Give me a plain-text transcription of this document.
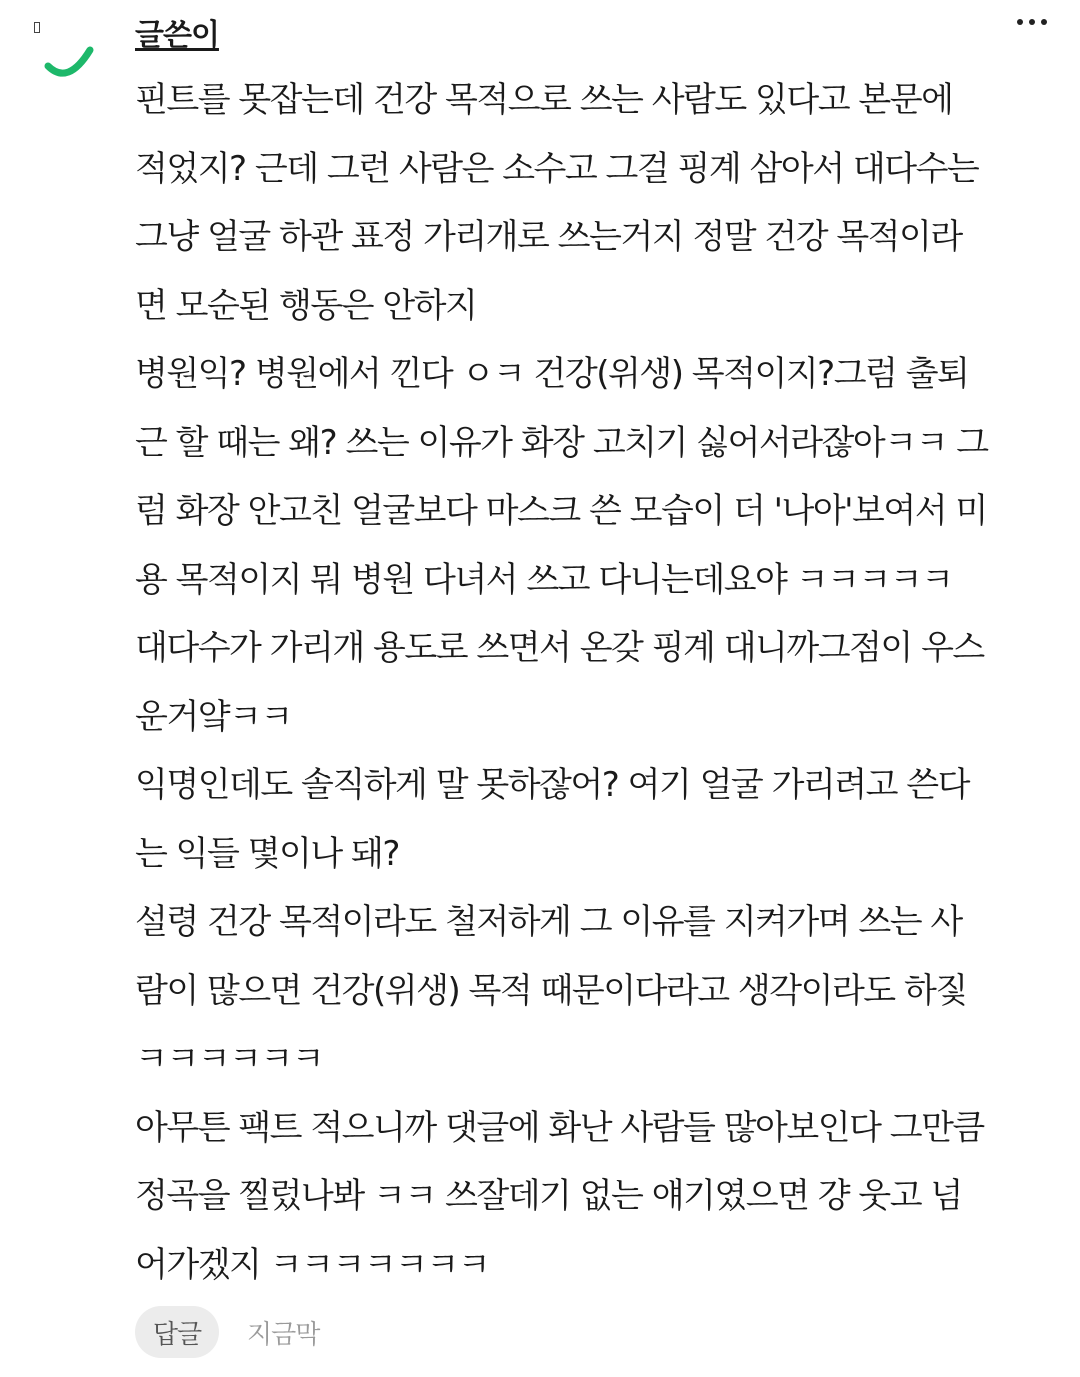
글쓴이
핀트를 못잡는데 건강 목적으로 쓰는 사람도 있다고 본문에
적었지? 근데 그런 사람은 소수고 그걸 핑계 삼아서 대다수는
그냥 얼굴 하관 표정 가리개로 쓰는거지 정말 건강 목적이라
면 모순된 행동은 안하지
병원익? 병원에서 낀다 ㅇㅋ 건강(위생) 목적이지?그럼 출퇴
근 할 때는 왜? 쓰는 이유가 화장 고치기 싫어서라잖아ㅋㅋ 그
럼 화장 안고친 얼굴보다 마스크 쓴 모습이 더 '나아'보여서 미
용 목적이지 뭐 병원 다녀서 쓰고 다니는데요야 ㅋㅋㅋㅋㅋ
대다수가 가리개 용도로 쓰면서 온갖 핑계 대니까그점이 우스
운거얔ㅋㅋ
익명인데도 솔직하게 말 못하잖어? 여기 얼굴 가리려고 쓴다
는 익들 몇이나 돼?
설령 건강 목적이라도 철저하게 그 이유를 지켜가며 쓰는 사
람이 많으면 건강(위생) 목적 때문이다라고 생각이라도 하짗
ㅋㅋㅋㅋㅋㅋ
아무튼 팩트 적으니까 댓글에 화난 사람들 많아보인다 그만큼
정곡을 찔렀나봐 ㅋㅋ 쓰잘데기 없는 얘기였으면 걍 웃고 넘
어가겠지 ㅋㅋㅋㅋㅋㅋㅋ
답글	지금막
